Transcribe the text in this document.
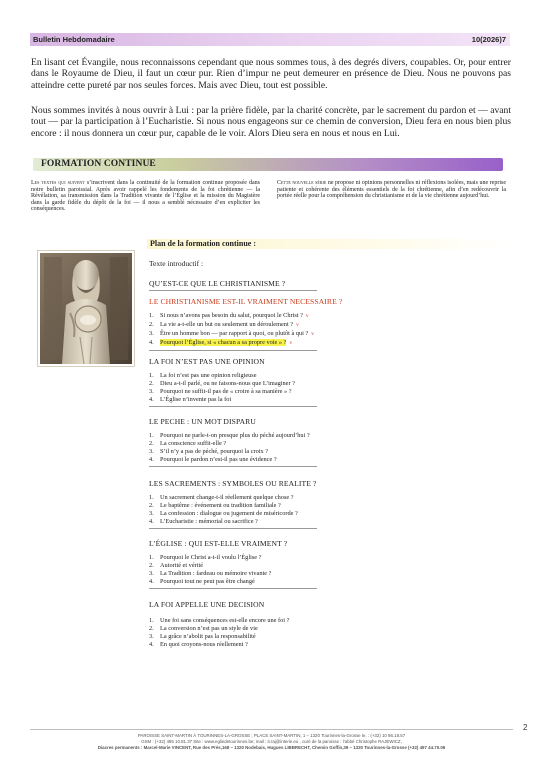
Bulletin Hebdomadaire	10(2026)7

En lisant cet Évangile, nous reconnaissons cependant que nous sommes tous, à des degrés divers, coupables. Or, pour entrer dans le Royaume de Dieu, il faut un cœur pur. Rien d’impur ne peut demeurer en présence de Dieu. Nous ne pouvons pas atteindre cette pureté par nos seules forces. Mais avec Dieu, tout est possible.

Nous sommes invités à nous ouvrir à Lui : par la prière fidèle, par la charité concrète, par le sacrement du pardon et — avant tout — par la participation à l’Eucharistie. Si nous nous engageons sur ce chemin de conversion, Dieu fera en nous bien plus encore : il nous donnera un cœur pur, capable de le voir. Alors Dieu sera en nous et nous en Lui.

FORMATION CONTINUE

Les textes qui suivent s’inscrivent dans la continuité de la formation continue proposée dans notre bulletin paroissial. Après avoir rappelé les fondements de la foi chrétienne — la Révélation, sa transmission dans la Tradition vivante de l’Église et la mission du Magistère dans la garde fidèle du dépôt de la foi — il nous a semblé nécessaire d’en expliciter les conséquences.

Cette nouvelle série ne propose ni opinions personnelles ni réflexions isolées, mais une reprise patiente et cohérente des éléments essentiels de la foi chrétienne, afin d’en redécouvrir la portée réelle pour la compréhension du christianisme et de la vie chrétienne aujourd’hui.

Plan de la formation continue :
Texte introductif :
QU’EST-CE QUE LE CHRISTIANISME ?
LE CHRISTIANISME EST-IL VRAIMENT NECESSAIRE ?
1. Si nous n’avons pas besoin du salut, pourquoi le Christ ? v
2. La vie a-t-elle un but ou seulement un déroulement ? v
3. Être un homme bon — par rapport à quoi, ou plutôt à qui ? v
4. Pourquoi l’Église, si « chacun a sa propre voie » ? v
LA FOI N’EST PAS UNE OPINION
1. La foi n’est pas une opinion religieuse
2. Dieu a-t-il parlé, ou ne faisons-nous que L’imaginer ?
3. Pourquoi ne suffit-il pas de « croire à sa manière » ?
4. L’Église n’invente pas la foi
LE PECHE : UN MOT DISPARU
1. Pourquoi ne parle-t-on presque plus du péché aujourd’hui ?
2. La conscience suffit-elle ?
3. S’il n’y a pas de péché, pourquoi la croix ?
4. Pourquoi le pardon n’est-il pas une évidence ?
LES SACREMENTS : SYMBOLES OU REALITE ?
1. Un sacrement change-t-il réellement quelque chose ?
2. Le baptême : événement ou tradition familiale ?
3. La confession : dialogue ou jugement de miséricorde ?
4. L’Eucharistie : mémorial ou sacrifice ?
L’ÉGLISE : QUI EST-ELLE VRAIMENT ?
1. Pourquoi le Christ a-t-il voulu l’Église ?
2. Autorité et vérité
3. La Tradition : fardeau ou mémoire vivante ?
4. Pourquoi tout ne peut pas être changé
LA FOI APPELLE UNE DECISION
1. Une foi sans conséquences est-elle encore une foi ?
2. La conversion n’est pas un style de vie
3. La grâce n’abolit pas la responsabilité
4. En quoi croyons-nous réellement ?
PAROISSE SAINT-MARTIN À TOURINNES-LA-GROSSE ; PLACE SAINT-MARTIN, 1 – 1320 Tourinnes-la-Grosse te. : (+32) 10 86.18.57
GSM : (+32) 495 10.81.37 Site : www.egliedetourinnes.be; mail : it.raj@interie.eu , curé de la paroisse : l’abbé Christophe RAJEWICZ,
Diacres permanents : Marcel-Marie VINCENT, Rue des Prés,168 – 1320 Nodebais, Hugues LIBBRECHT, Chemin Goffin,39 – 1320 Tourinnes-la-Grosse (+32) 497 44.70.06
2
